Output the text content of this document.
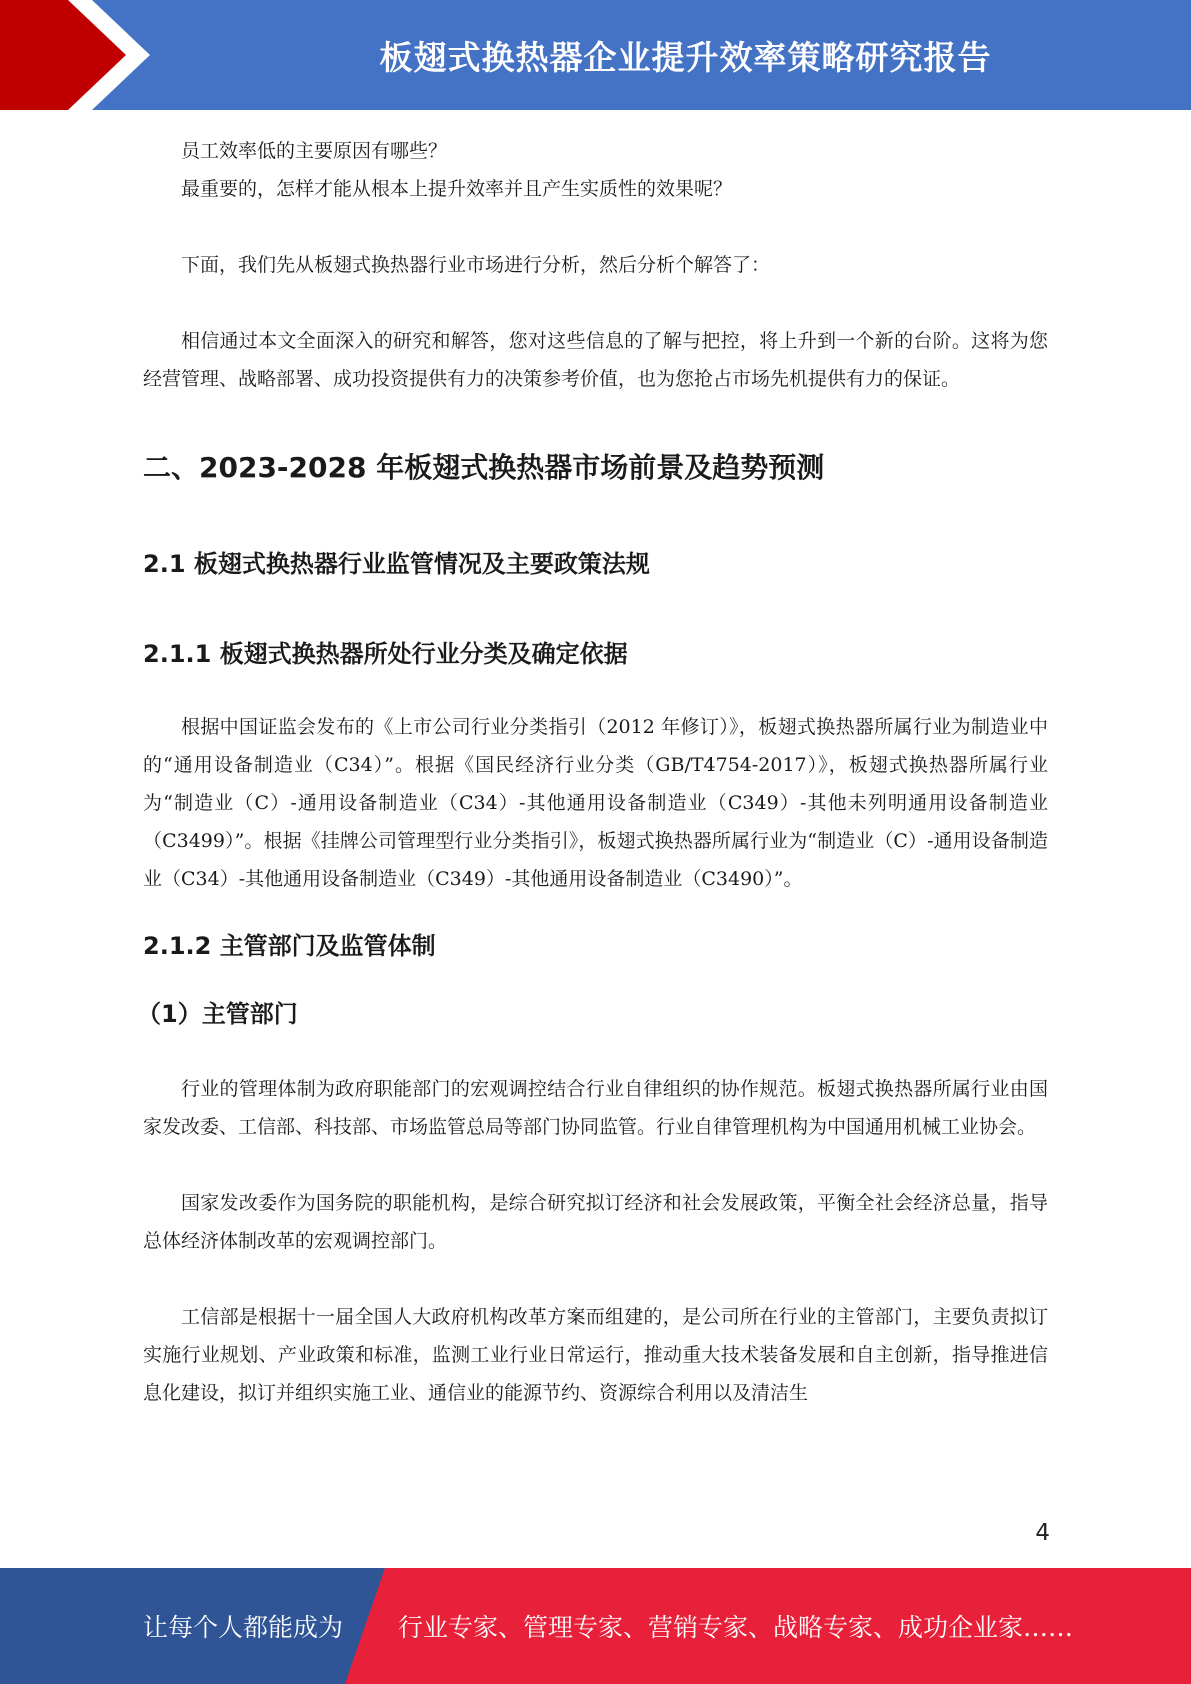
板翅式换热器企业提升效率策略研究报告

员工效率低的主要原因有哪些？

最重要的，怎样才能从根本上提升效率并且产生实质性的效果呢？

下面，我们先从板翅式换热器行业市场进行分析，然后分析个解答了：

相信通过本文全面深入的研究和解答，您对这些信息的了解与把控，将上升到一个新的台阶。这将为您经营管理、战略部署、成功投资提供有力的决策参考价值，也为您抢占市场先机提供有力的保证。

二、2023-2028 年板翅式换热器市场前景及趋势预测
2.1 板翅式换热器行业监管情况及主要政策法规
2.1.1 板翅式换热器所处行业分类及确定依据

根据中国证监会发布的《上市公司行业分类指引（2012 年修订）》，板翅式换热器所属行业为制造业中的“通用设备制造业（C34）”。根据《国民经济行业分类（GB/T4754-2017）》，板翅式换热器所属行业为“制造业（C）-通用设备制造业（C34）-其他通用设备制造业（C349）-其他未列明通用设备制造业（C3499）”。根据《挂牌公司管理型行业分类指引》，板翅式换热器所属行业为“制造业（C）-通用设备制造业（C34）-其他通用设备制造业（C349）-其他通用设备制造业（C3490）”。

2.1.2 主管部门及监管体制
（1）主管部门

行业的管理体制为政府职能部门的宏观调控结合行业自律组织的协作规范。板翅式换热器所属行业由国家发改委、工信部、科技部、市场监管总局等部门协同监管。行业自律管理机构为中国通用机械工业协会。

国家发改委作为国务院的职能机构，是综合研究拟订经济和社会发展政策，平衡全社会经济总量，指导总体经济体制改革的宏观调控部门。

工信部是根据十一届全国人大政府机构改革方案而组建的，是公司所在行业的主管部门，主要负责拟订实施行业规划、产业政策和标准，监测工业行业日常运行，推动重大技术装备发展和自主创新，指导推进信息化建设，拟订并组织实施工业、通信业的能源节约、资源综合利用以及清洁生

4
让每个人都能成为 行业专家、管理专家、营销专家、战略专家、成功企业家……
